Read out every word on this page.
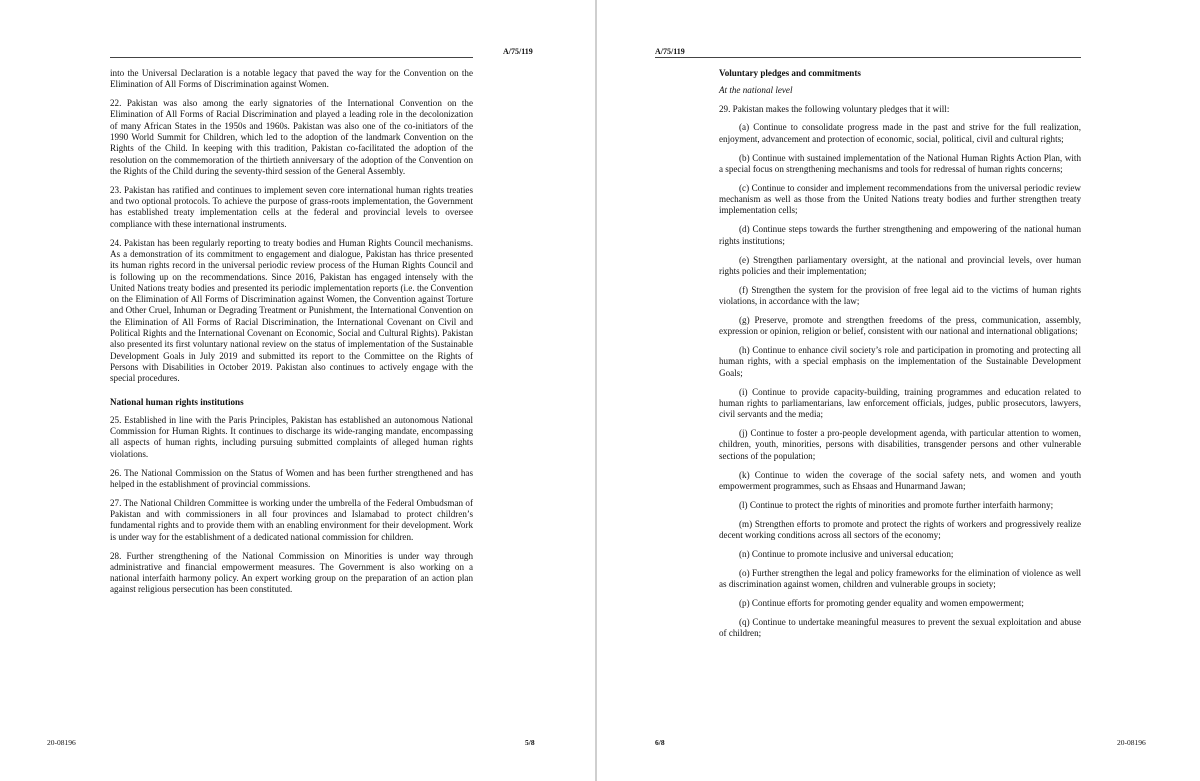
A/75/119

into the Universal Declaration is a notable legacy that paved the way for the Convention on the Elimination of All Forms of Discrimination against Women.

22. Pakistan was also among the early signatories of the International Convention on the Elimination of All Forms of Racial Discrimination and played a leading role in the decolonization of many African States in the 1950s and 1960s. Pakistan was also one of the co-initiators of the 1990 World Summit for Children, which led to the adoption of the landmark Convention on the Rights of the Child. In keeping with this tradition, Pakistan co-facilitated the adoption of the resolution on the commemoration of the thirtieth anniversary of the adoption of the Convention on the Rights of the Child during the seventy-third session of the General Assembly.

23. Pakistan has ratified and continues to implement seven core international human rights treaties and two optional protocols. To achieve the purpose of grass-roots implementation, the Government has established treaty implementation cells at the federal and provincial levels to oversee compliance with these international instruments.

24. Pakistan has been regularly reporting to treaty bodies and Human Rights Council mechanisms. As a demonstration of its commitment to engagement and dialogue, Pakistan has thrice presented its human rights record in the universal periodic review process of the Human Rights Council and is following up on the recommendations. Since 2016, Pakistan has engaged intensely with the United Nations treaty bodies and presented its periodic implementation reports (i.e. the Convention on the Elimination of All Forms of Discrimination against Women, the Convention against Torture and Other Cruel, Inhuman or Degrading Treatment or Punishment, the International Convention on the Elimination of All Forms of Racial Discrimination, the International Covenant on Civil and Political Rights and the International Covenant on Economic, Social and Cultural Rights). Pakistan also presented its first voluntary national review on the status of implementation of the Sustainable Development Goals in July 2019 and submitted its report to the Committee on the Rights of Persons with Disabilities in October 2019. Pakistan also continues to actively engage with the special procedures.

National human rights institutions

25. Established in line with the Paris Principles, Pakistan has established an autonomous National Commission for Human Rights. It continues to discharge its wide-ranging mandate, encompassing all aspects of human rights, including pursuing submitted complaints of alleged human rights violations.

26. The National Commission on the Status of Women and has been further strengthened and has helped in the establishment of provincial commissions.

27. The National Children Committee is working under the umbrella of the Federal Ombudsman of Pakistan and with commissioners in all four provinces and Islamabad to protect children’s fundamental rights and to provide them with an enabling environment for their development. Work is under way for the establishment of a dedicated national commission for children.

28. Further strengthening of the National Commission on Minorities is under way through administrative and financial empowerment measures. The Government is also working on a national interfaith harmony policy. An expert working group on the preparation of an action plan against religious persecution has been constituted.

20-08196	5/8
A/75/119

Voluntary pledges and commitments

At the national level

29. Pakistan makes the following voluntary pledges that it will:

(a) Continue to consolidate progress made in the past and strive for the full realization, enjoyment, advancement and protection of economic, social, political, civil and cultural rights;

(b) Continue with sustained implementation of the National Human Rights Action Plan, with a special focus on strengthening mechanisms and tools for redressal of human rights concerns;

(c) Continue to consider and implement recommendations from the universal periodic review mechanism as well as those from the United Nations treaty bodies and further strengthen treaty implementation cells;

(d) Continue steps towards the further strengthening and empowering of the national human rights institutions;

(e) Strengthen parliamentary oversight, at the national and provincial levels, over human rights policies and their implementation;

(f) Strengthen the system for the provision of free legal aid to the victims of human rights violations, in accordance with the law;

(g) Preserve, promote and strengthen freedoms of the press, communication, assembly, expression or opinion, religion or belief, consistent with our national and international obligations;

(h) Continue to enhance civil society’s role and participation in promoting and protecting all human rights, with a special emphasis on the implementation of the Sustainable Development Goals;

(i) Continue to provide capacity-building, training programmes and education related to human rights to parliamentarians, law enforcement officials, judges, public prosecutors, lawyers, civil servants and the media;

(j) Continue to foster a pro-people development agenda, with particular attention to women, children, youth, minorities, persons with disabilities, transgender persons and other vulnerable sections of the population;

(k) Continue to widen the coverage of the social safety nets, and women and youth empowerment programmes, such as Ehsaas and Hunarmand Jawan;

(l) Continue to protect the rights of minorities and promote further interfaith harmony;

(m) Strengthen efforts to promote and protect the rights of workers and progressively realize decent working conditions across all sectors of the economy;

(n) Continue to promote inclusive and universal education;

(o) Further strengthen the legal and policy frameworks for the elimination of violence as well as discrimination against women, children and vulnerable groups in society;

(p) Continue efforts for promoting gender equality and women empowerment;

(q) Continue to undertake meaningful measures to prevent the sexual exploitation and abuse of children;

6/8	20-08196
